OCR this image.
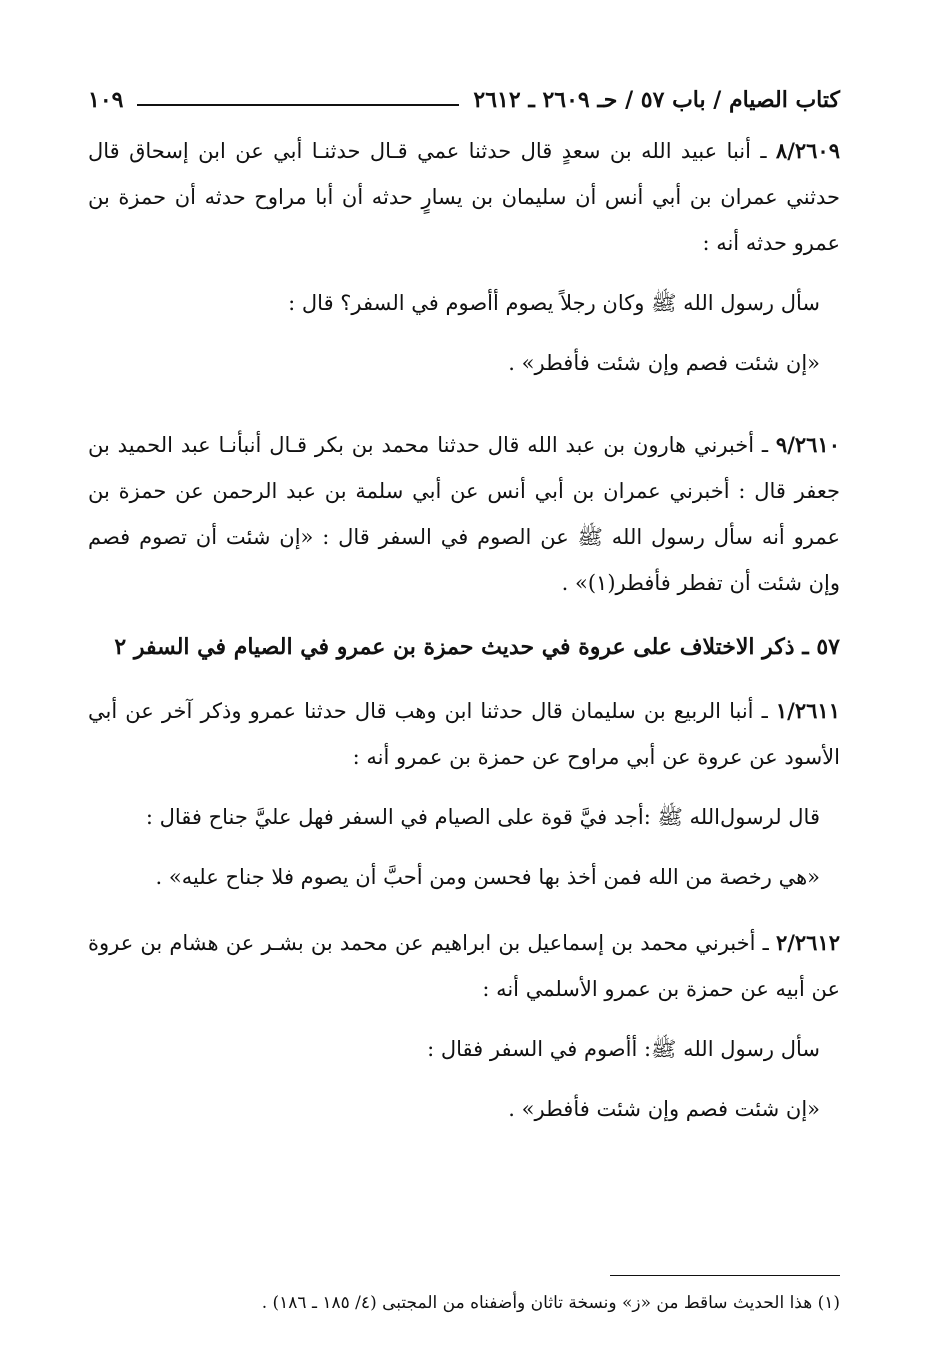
كتاب الصيام / باب ٥٧ / حـ ٢٦٠٩ ـ ٢٦١٢
١٠٩

٨/٢٦٠٩ ـ أنبا عبيد الله بن سعدٍ قال حدثنا عمي قـال حدثنـا أبي عن ابن إسحاق قال حدثني عمران بن أبي أنس أن سليمان بن يسارٍ حدثه أن أبا مراوح حدثه أن حمزة بن عمرو حدثه أنه :

سأل رسول الله ﷺ وكان رجلاً يصوم أأصوم في السفر؟ قال :

«إن شئت فصم وإن شئت فأفطر» .

٩/٢٦١٠ ـ أخبرني هارون بن عبد الله قال حدثنا محمد بن بكر قـال أنبأنـا عبد الحميد بن جعفر قال : أخبرني عمران بن أبي أنس عن أبي سلمة بن عبد الرحمن عن حمزة بن عمرو أنه سأل رسول الله ﷺ عن الصوم في السفر قال : «إن شئت أن تصوم فصم وإن شئت أن تفطر فأفطر(١)» .

٥٧ ـ ذكر الاختلاف على عروة في حديث حمزة بن عمرو في الصيام في السفر ٢

١/٢٦١١ ـ أنبا الربيع بن سليمان قال حدثنا ابن وهب قال حدثنا عمرو وذكر آخر عن أبي الأسود عن عروة عن أبي مراوح عن حمزة بن عمرو أنه :

قال لرسول‌الله ﷺ :أجد فيَّ قوة على الصيام في السفر فهل عليَّ جناح فقال :

«هي رخصة من الله فمن أخذ بها فحسن ومن أحبَّ أن يصوم فلا جناح عليه» .

٢/٢٦١٢ ـ أخبرني محمد بن إسماعيل بن ابراهيم عن محمد بن بشـر عن هشام بن عروة عن أبيه عن حمزة بن عمرو الأسلمي أنه :

سأل رسول الله ﷺ: أأصوم في السفر فقال :

«إن شئت فصم وإن شئت فأفطر» .

(١) هذا الحديث ساقط من «ز» ونسخة تاثان وأضفناه من المجتبى (٤/ ١٨٥ ـ ١٨٦) .
